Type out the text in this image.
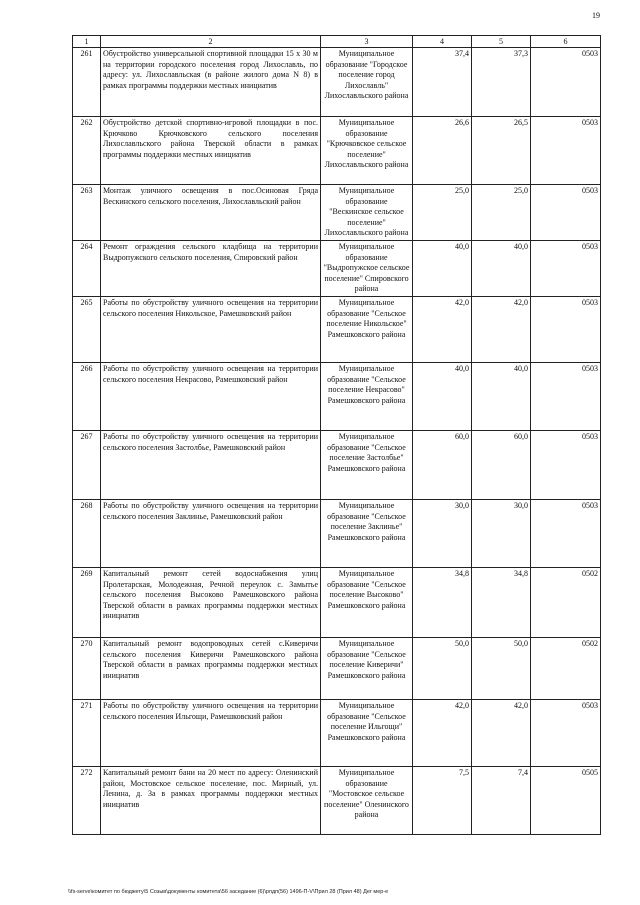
19
1	2	3	4	5	6
261	Обустройство универсальной спортивной площадки 15 х 30 м на территории городского поселения город Лихославль, по адресу: ул. Лихославльская (в районе жилого дома N 8) в рамках программы поддержки местных инициатив	Муниципальное образование "Городское поселение город Лихославль" Лихославльского района	37,4	37,3	0503
262	Обустройство детской спортивно-игровой площадки в пос. Крючково Крючковского сельского поселения Лихославльского района Тверской области в рамках программы поддержки местных инициатив	Муниципальное образование "Крючковское сельское поселение" Лихославльского района	26,6	26,5	0503
263	Монтаж уличного освещения в пос.Осиновая Гряда Вескинского сельского поселения, Лихославльский район	Муниципальное образование "Вескинское сельское поселение" Лихославльского района	25,0	25,0	0503
264	Ремонт ограждения сельского кладбища на территории Выдропужского сельского поселения, Спировский район	Муниципальное образование "Выдропужское сельское поселение" Спировского района	40,0	40,0	0503
265	Работы по обустройству уличного освещения на территории сельского поселения Никольское, Рамешковский район	Муниципальное образование "Сельское поселение Никольское" Рамешковского района	42,0	42,0	0503
266	Работы по обустройству уличного освещения на территории сельского поселения Некрасово, Рамешковский район	Муниципальное образование "Сельское поселение Некрасово" Рамешковского района	40,0	40,0	0503
267	Работы по обустройству уличного освещения на территории сельского поселения Застолбье, Рамешковский район	Муниципальное образование "Сельское поселение Застолбье" Рамешковского района	60,0	60,0	0503
268	Работы по обустройству уличного освещения на территории сельского поселения Заклинье, Рамешковский район	Муниципальное образование "Сельское поселение Заклинье" Рамешковского района	30,0	30,0	0503
269	Капитальный ремонт сетей водоснабжения улиц Пролетарская, Молодежная, Речной переулок с. Замытье сельского поселения Высоково Рамешковского района Тверской области в рамках программы поддержки местных инициатив	Муниципальное образование "Сельское поселение Высоково" Рамешковского района	34,8	34,8	0502
270	Капитальный ремонт водопроводных сетей с.Киверичи сельского поселения Киверичи Рамешковского района Тверской области в рамках программы поддержки местных инициатив	Муниципальное образование "Сельское поселение Киверичи" Рамешковского района	50,0	50,0	0502
271	Работы по обустройству уличного освещения на территории сельского поселения Ильгощи, Рамешковский район	Муниципальное образование "Сельское поселение Ильгощи" Рамешковского района	42,0	42,0	0503
272	Капитальный ремонт бани на 20 мест по адресу: Оленинский район, Мостовское сельское поселение, пос. Мирный, ул. Ленина, д. 3а в рамках программы поддержки местных инициатив	Муниципальное образование "Мостовское сельское поселение" Оленинского района	7,5	7,4	0505
\\fs-serve\комитет по бюджету\5 Созыв\документы комитета\56 заседание (6)\рпдп(56) 1496-П-V\Прил 28 (Прил 48) Дег мер-е
